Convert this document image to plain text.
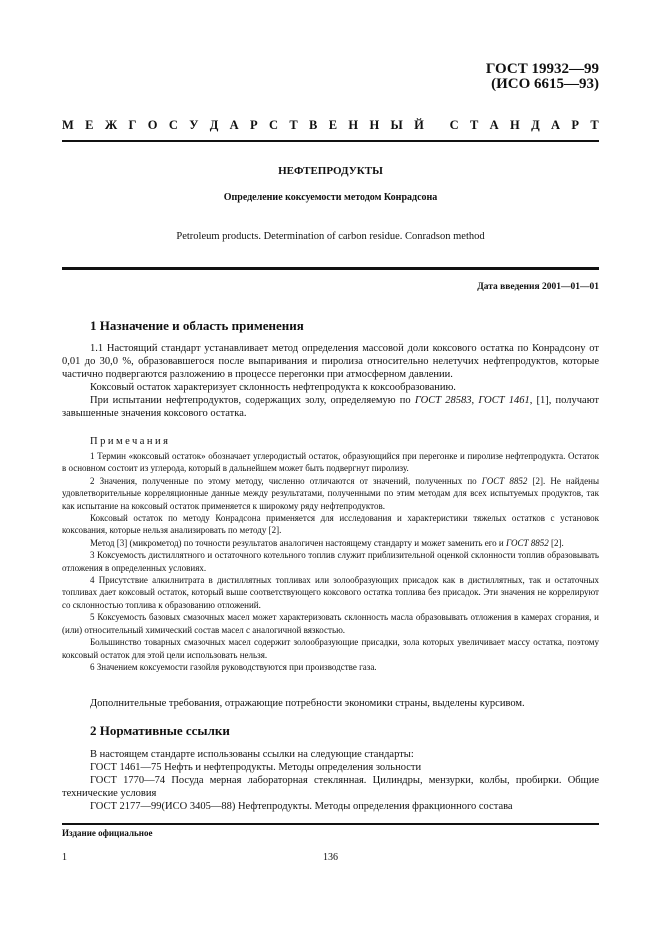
ГОСТ 19932—99
(ИСО 6615—93)
М Е Ж Г О С У Д А Р С Т В Е Н Н Ы Й
С Т А Н Д А Р Т
НЕФТЕПРОДУКТЫ
Определение коксуемости методом Конрадсона
Petroleum products. Determination of carbon residue. Conradson method
Дата введения 2001—01—01
1 Назначение и область применения

1.1 Настоящий стандарт устанавливает метод определения массовой доли коксового остатка по Конрадсону от 0,01 до 30,0 %, образовавшегося после выпаривания и пиролиза относительно нелетучих нефтепродуктов, которые частично подвергаются разложению в процессе перегонки при атмосферном давлении.

Коксовый остаток характеризует склонность нефтепродукта к коксообразованию.

При испытании нефтепродуктов, содержащих золу, определяемую по ГОСТ 28583, ГОСТ 1461, [1], получают завышенные значения коксового остатка.

Примечания

1 Термин «коксовый остаток» обозначает углеродистый остаток, образующийся при перегонке и пиролизе нефтепродукта. Остаток в основном состоит из углерода, который в дальнейшем может быть подвергнут пиролизу.

2 Значения, полученные по этому методу, численно отличаются от значений, полученных по ГОСТ 8852 [2]. Не найдены удовлетворительные корреляционные данные между результатами, полученными по этим методам для всех испытуемых продуктов, так как испытание на коксовый остаток применяется к широкому ряду нефтепродуктов.

Коксовый остаток по методу Конрадсона применяется для исследования и характеристики тяжелых остатков с установок коксования, которые нельзя анализировать по методу [2].

Метод [3] (микрометод) по точности результатов аналогичен настоящему стандарту и может заменить его и ГОСТ 8852 [2].

3 Коксуемость дистиллятного и остаточного котельного топлив служит приблизительной оценкой склонности топлив образовывать отложения в определенных условиях.

4 Присутствие алкилнитрата в дистиллятных топливах или золообразующих присадок как в дистиллятных, так и остаточных топливах дает коксовый остаток, который выше соответствующего коксового остатка топлива без присадок. Эти значения не коррелируют со склонностью топлива к образованию отложений.

5 Коксуемость базовых смазочных масел может характеризовать склонность масла образовывать отложения в камерах сгорания, и (или) относительный химический состав масел с аналогичной вязкостью.

Большинство товарных смазочных масел содержит золообразующие присадки, зола которых увеличивает массу остатка, поэтому коксовый остаток для этой цели использовать нельзя.

6 Значением коксуемости газойля руководствуются при производстве газа.

Дополнительные требования, отражающие потребности экономики страны, выделены курсивом.

2 Нормативные ссылки

В настоящем стандарте использованы ссылки на следующие стандарты:

ГОСТ 1461—75 Нефть и нефтепродукты. Методы определения зольности

ГОСТ 1770—74 Посуда мерная лабораторная стеклянная. Цилиндры, мензурки, колбы, пробирки. Общие технические условия

ГОСТ 2177—99(ИСО 3405—88) Нефтепродукты. Методы определения фракционного состава

Издание официальное
1	136
